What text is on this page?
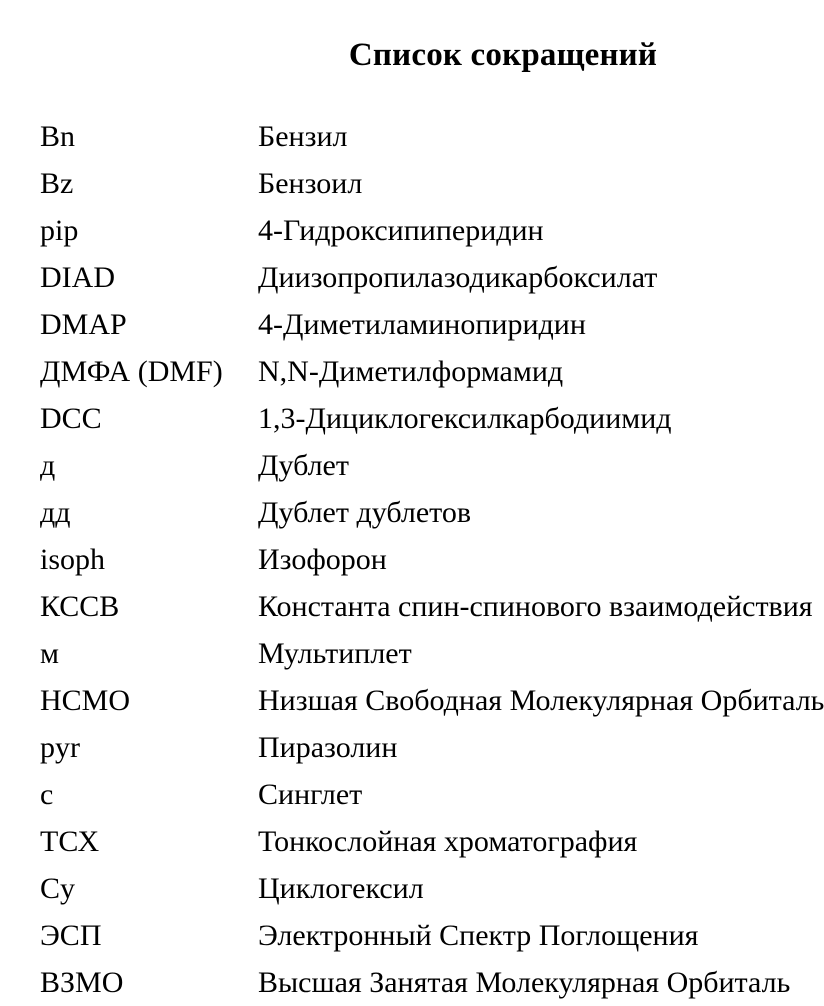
Список сокращений
Bn	Бензил
Bz	Бензоил
pip	4-Гидроксипиперидин
DIAD	Диизопропилазодикарбоксилат
DMAP	4-Диметиламинопиридин
ДМФА (DMF)	N,N-Диметилформамид
DCC	1,3-Дициклогексилкарбодиимид
д	Дублет
дд	Дублет дублетов
isoph	Изофорон
КССВ	Константа спин-спинового взаимодействия
м	Мультиплет
НСМО	Низшая Свободная Молекулярная Орбиталь
pyr	Пиразолин
с	Синглет
ТСХ	Тонкослойная хроматография
Cy	Циклогексил
ЭСП	Электронный Спектр Поглощения
ВЗМО	Высшая Занятая Молекулярная Орбиталь
